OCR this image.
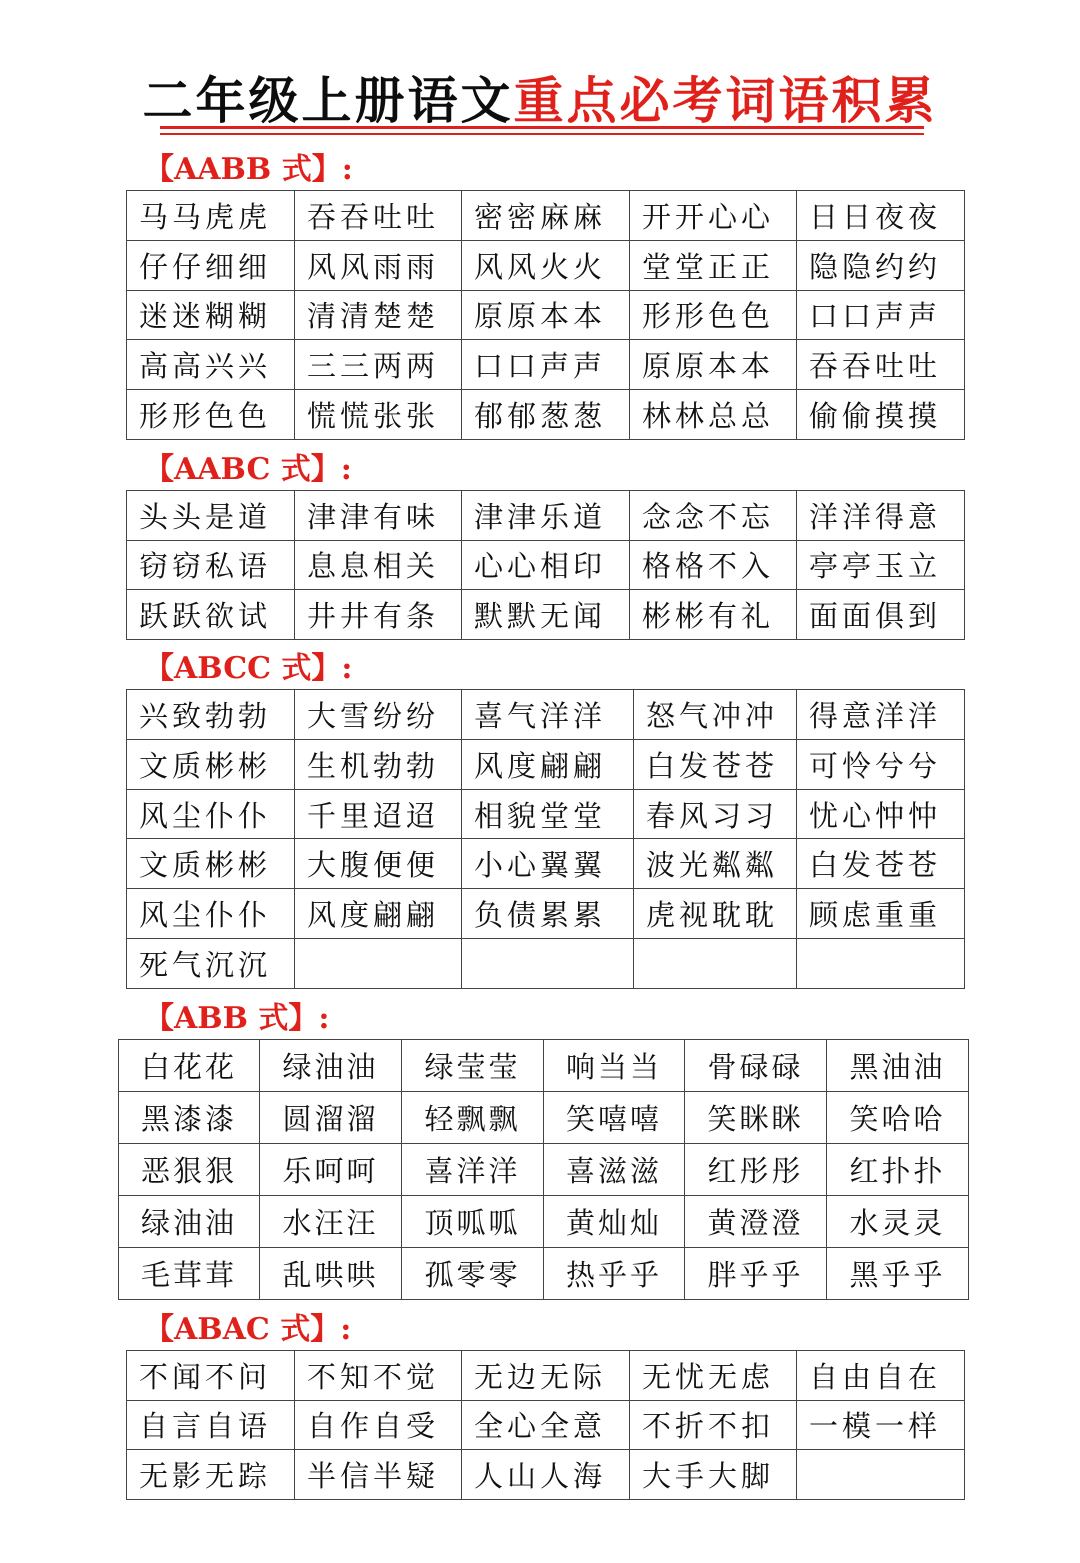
二年级上册语文重点必考词语积累
【AABB 式】:
马马虎虎	吞吞吐吐	密密麻麻	开开心心	日日夜夜
仔仔细细	风风雨雨	风风火火	堂堂正正	隐隐约约
迷迷糊糊	清清楚楚	原原本本	形形色色	口口声声
高高兴兴	三三两两	口口声声	原原本本	吞吞吐吐
形形色色	慌慌张张	郁郁葱葱	林林总总	偷偷摸摸
【AABC 式】:
头头是道	津津有味	津津乐道	念念不忘	洋洋得意
窃窃私语	息息相关	心心相印	格格不入	亭亭玉立
跃跃欲试	井井有条	默默无闻	彬彬有礼	面面俱到
【ABCC 式】:
兴致勃勃	大雪纷纷	喜气洋洋	怒气冲冲	得意洋洋
文质彬彬	生机勃勃	风度翩翩	白发苍苍	可怜兮兮
风尘仆仆	千里迢迢	相貌堂堂	春风习习	忧心忡忡
文质彬彬	大腹便便	小心翼翼	波光粼粼	白发苍苍
风尘仆仆	风度翩翩	负债累累	虎视耽耽	顾虑重重
死气沉沉				
【ABB 式】:
白花花	绿油油	绿莹莹	响当当	骨碌碌	黑油油
黑漆漆	圆溜溜	轻飘飘	笑嘻嘻	笑眯眯	笑哈哈
恶狠狠	乐呵呵	喜洋洋	喜滋滋	红彤彤	红扑扑
绿油油	水汪汪	顶呱呱	黄灿灿	黄澄澄	水灵灵
毛茸茸	乱哄哄	孤零零	热乎乎	胖乎乎	黑乎乎
【ABAC 式】:
不闻不问	不知不觉	无边无际	无忧无虑	自由自在
自言自语	自作自受	全心全意	不折不扣	一模一样
无影无踪	半信半疑	人山人海	大手大脚	
